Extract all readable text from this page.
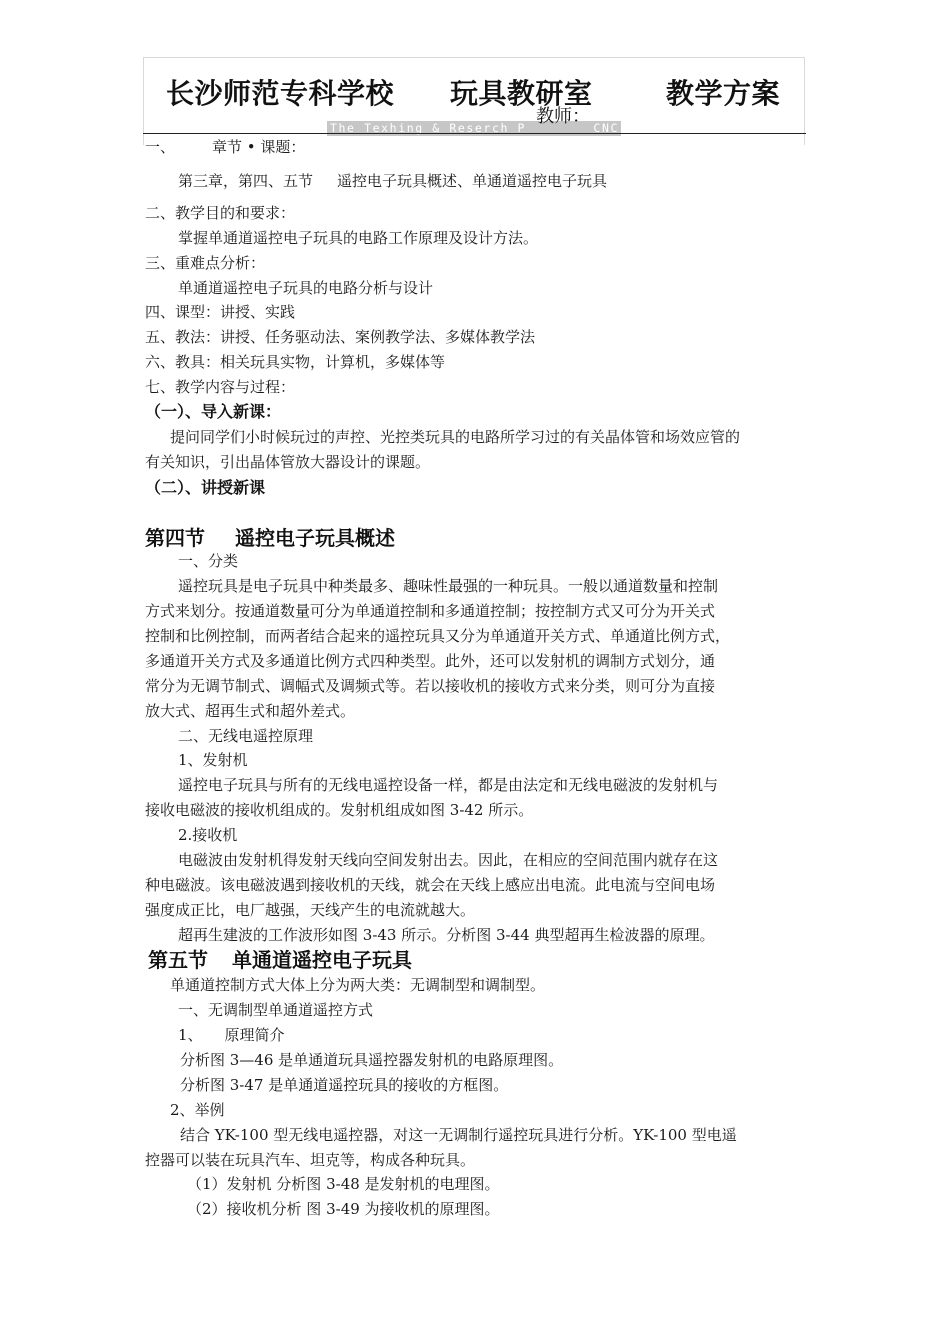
长沙师范专科学校 玩具教研室	教学方案
The Texhing & Reserch P	CNC
教师：
一、 章节 • 课题：
第三章，第四、五节 遥控电子玩具概述、单通道遥控电子玩具
二、教学目的和要求：
掌握单通道遥控电子玩具的电路工作原理及设计方法。
三、重难点分析：
单通道遥控电子玩具的电路分析与设计
四、课型：讲授、实践
五、教法：讲授、任务驱动法、案例教学法、多媒体教学法
六、教具：相关玩具实物，计算机，多媒体等
七、教学内容与过程：
（一）、导入新课：
提问同学们小时候玩过的声控、光控类玩具的电路所学习过的有关晶体管和场效应管的
有关知识，引出晶体管放大器设计的课题。
（二）、讲授新课
第四节 遥控电子玩具概述
一、分类
遥控玩具是电子玩具中种类最多、趣味性最强的一种玩具。一般以通道数量和控制
方式来划分。按通道数量可分为单通道控制和多通道控制；按控制方式又可分为开关式
控制和比例控制，而两者结合起来的遥控玩具又分为单通道开关方式、单通道比例方式，
多通道开关方式及多通道比例方式四种类型。此外，还可以发射机的调制方式划分，通
常分为无调节制式、调幅式及调频式等。若以接收机的接收方式来分类，则可分为直接
放大式、超再生式和超外差式。
二、无线电遥控原理
1、发射机
遥控电子玩具与所有的无线电遥控设备一样，都是由法定和无线电磁波的发射机与
接收电磁波的接收机组成的。发射机组成如图 3-42 所示。
2.接收机
电磁波由发射机得发射天线向空间发射出去。因此，在相应的空间范围内就存在这
种电磁波。该电磁波遇到接收机的天线，就会在天线上感应出电流。此电流与空间电场
强度成正比，电厂越强，天线产生的电流就越大。
超再生建波的工作波形如图 3-43 所示。分析图 3-44 典型超再生检波器的原理。
第五节 单通道遥控电子玩具
单通道控制方式大体上分为两大类：无调制型和调制型。
一、无调制型单通道遥控方式
1、 原理简介
分析图 3—46 是单通道玩具遥控器发射机的电路原理图。
分析图 3-47 是单通道遥控玩具的接收的方框图。
2、举例
结合 YK-100 型无线电遥控器，对这一无调制行遥控玩具进行分析。YK-100 型电遥
控器可以装在玩具汽车、坦克等，构成各种玩具。
（1）发射机 分析图 3-48 是发射机的电理图。
（2）接收机分析 图 3-49 为接收机的原理图。
